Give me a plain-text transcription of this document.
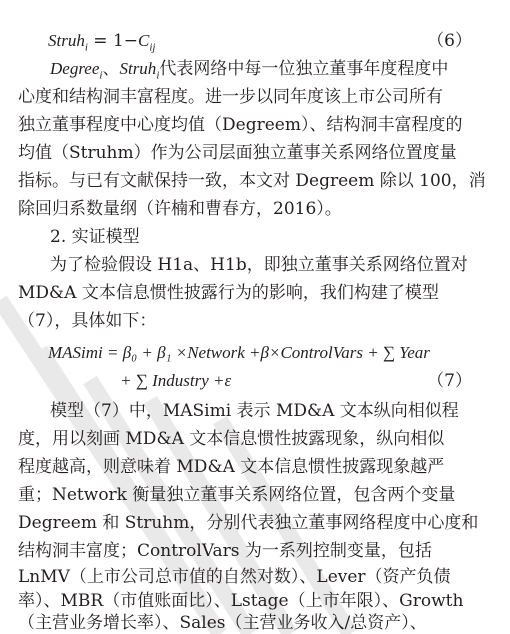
Struh$_i$ = $1-C_{ij}$	（6）
Degree$_i$、Struh$_i$代表网络中每一位独立董事年度程度中
心度和结构洞丰富程度。进一步以同年度该上市公司所有
独立董事程度中心度均值（Degreem）、结构洞丰富程度的
均值（Struhm）作为公司层面独立董事关系网络位置度量
指标。与已有文献保持一致，本文对 Degreem 除以 100，消
除回归系数量纲（许楠和曹春方，2016）。
2. 实证模型
为了检验假设 H1a、H1b，即独立董事关系网络位置对
MD&A 文本信息惯性披露行为的影响，我们构建了模型
（7），具体如下：
MASimi = β₀ + β₁ ×Network +β×ControlVars + ∑ Year
+ ∑ Industry +ε	（7）
模型（7）中，MASimi 表示 MD&A 文本纵向相似程
度，用以刻画 MD&A 文本信息惯性披露现象，纵向相似
程度越高，则意味着 MD&A 文本信息惯性披露现象越严
重；Network 衡量独立董事关系网络位置，包含两个变量
Degreem 和 Struhm，分别代表独立董事网络程度中心度和
结构洞丰富度；ControlVars 为一系列控制变量，包括
LnMV（上市公司总市值的自然对数）、Lever（资产负债
率）、MBR（市值账面比）、Lstage（上市年限）、Growth
（主营业务增长率）、Sales（主营业务收入/总资产）、
